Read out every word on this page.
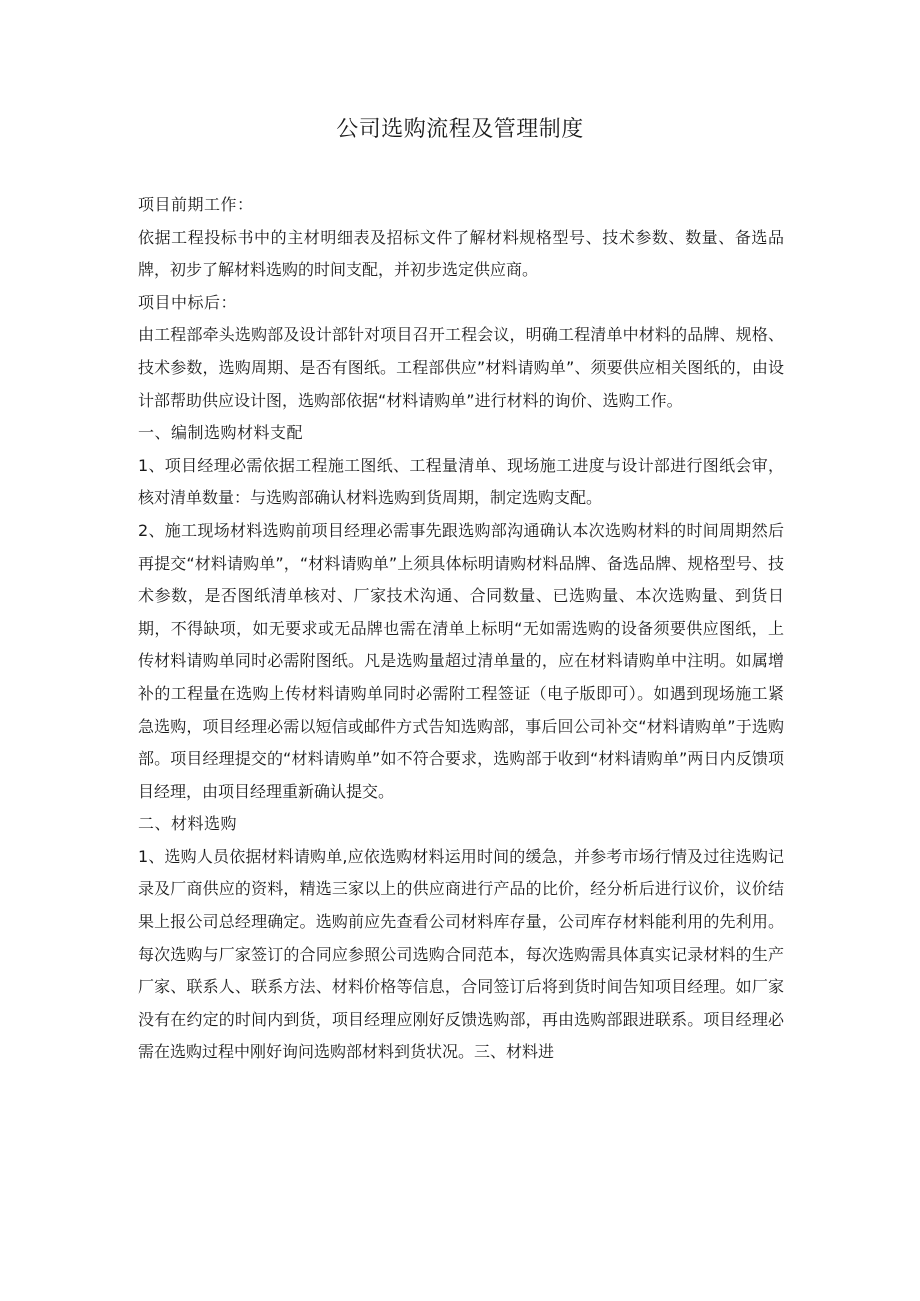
公司选购流程及管理制度

项目前期工作：

依据工程投标书中的主材明细表及招标文件了解材料规格型号、技术参数、数量、备选品牌，初步了解材料选购的时间支配，并初步选定供应商。

项目中标后：

由工程部牵头选购部及设计部针对项目召开工程会议，明确工程清单中材料的品牌、规格、技术参数，选购周期、是否有图纸。工程部供应”材料请购单”、须要供应相关图纸的，由设计部帮助供应设计图，选购部依据“材料请购单”进行材料的询价、选购工作。

一、编制选购材料支配

1、项目经理必需依据工程施工图纸、工程量清单、现场施工进度与设计部进行图纸会审，核对清单数量：与选购部确认材料选购到货周期，制定选购支配。

2、施工现场材料选购前项目经理必需事先跟选购部沟通确认本次选购材料的时间周期然后再提交“材料请购单”，“材料请购单”上须具体标明请购材料品牌、备选品牌、规格型号、技术参数，是否图纸清单核对、厂家技术沟通、合同数量、已选购量、本次选购量、到货日期，不得缺项，如无要求或无品牌也需在清单上标明“无如需选购的设备须要供应图纸，上传材料请购单同时必需附图纸。凡是选购量超过清单量的，应在材料请购单中注明。如属增补的工程量在选购上传材料请购单同时必需附工程签证（电子版即可）。如遇到现场施工紧急选购，项目经理必需以短信或邮件方式告知选购部，事后回公司补交“材料请购单”于选购部。项目经理提交的“材料请购单”如不符合要求，选购部于收到“材料请购单”两日内反馈项目经理，由项目经理重新确认提交。

二、材料选购

1、选购人员依据材料请购单,应依选购材料运用时间的缓急，并参考市场行情及过往选购记录及厂商供应的资料，精选三家以上的供应商进行产品的比价，经分析后进行议价，议价结果上报公司总经理确定。选购前应先查看公司材料库存量，公司库存材料能利用的先利用。每次选购与厂家签订的合同应参照公司选购合同范本，每次选购需具体真实记录材料的生产厂家、联系人、联系方法、材料价格等信息，合同签订后将到货时间告知项目经理。如厂家没有在约定的时间内到货，项目经理应刚好反馈选购部，再由选购部跟进联系。项目经理必需在选购过程中刚好询问选购部材料到货状况。三、材料进
